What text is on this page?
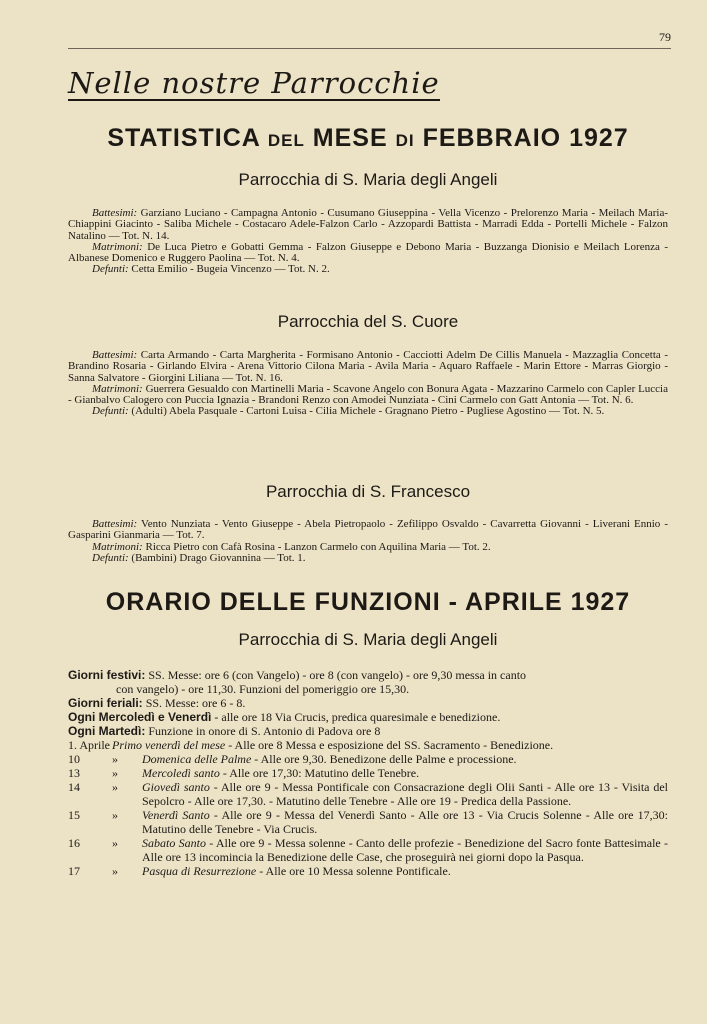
79
Nelle nostre Parrocchie
STATISTICA DEL MESE DI FEBBRAIO 1927
Parrocchia di S. Maria degli Angeli

Battesimi: Garziano Luciano - Campagna Antonio - Cusumano Giuseppina - Vella Vicenzo - Prelorenzo Maria - Meilach Maria-Chiappini Giacinto - Saliba Michele - Costacaro Adele-Falzon Carlo - Azzopardi Battista - Marradi Edda - Portelli Michele - Falzon Natalino — Tot. N. 14.

Matrimoni: De Luca Pietro e Gobatti Gemma - Falzon Giuseppe e Debono Maria - Buzzanga Dionisio e Meilach Lorenza - Albanese Domenico e Ruggero Paolina — Tot. N. 4.

Defunti: Cetta Emilio - Bugeia Vincenzo — Tot. N. 2.

Parrocchia del S. Cuore

Battesimi: Carta Armando - Carta Margherita - Formisano Antonio - Cacciotti Adelm De Cillis Manuela - Mazzaglia Concetta - Brandino Rosaria - Girlando Elvira - Arena Vittorio Cilona Maria - Avila Maria - Aquaro Raffaele - Marin Ettore - Marras Giorgio - Sanna Salvatore - Giorgini Liliana — Tot. N. 16.

Matrimoni: Guerrera Gesualdo con Martinelli Maria - Scavone Angelo con Bonura Agata - Mazzarino Carmelo con Capler Luccia - Gianbalvo Calogero con Puccia Ignazia - Brandoni Renzo con Amodei Nunziata - Cini Carmelo con Gatt Antonia — Tot. N. 6.

Defunti: (Adulti) Abela Pasquale - Cartoni Luisa - Cilia Michele - Gragnano Pietro - Pugliese Agostino — Tot. N. 5.

Parrocchia di S. Francesco

Battesimi: Vento Nunziata - Vento Giuseppe - Abela Pietropaolo - Zefilippo Osvaldo - Cavarretta Giovanni - Liverani Ennio - Gasparini Gianmaria — Tot. 7.

Matrimoni: Ricca Pietro con Cafà Rosina - Lanzon Carmelo con Aquilina Maria — Tot. 2.

Defunti: (Bambini) Drago Giovannina — Tot. 1.

ORARIO DELLE FUNZIONI - APRILE 1927
Parrocchia di S. Maria degli Angeli
Giorni festivi: SS. Messe: ore 6 (con Vangelo) - ore 8 (con vangelo) - ore 9,30 messa in canto
con vangelo) - ore 11,30. Funzioni del pomeriggio ore 15,30.
Giorni feriali: SS. Messe: ore 6 - 8.
Ogni Mercoledì e Venerdì - alle ore 18 Via Crucis, predica quaresimale e benedizione.
Ogni Martedì: Funzione in onore di S. Antonio di Padova ore 8
1. Aprile Primo venerdì del mese - Alle ore 8 Messa e esposizione del SS. Sacramento - Benedizione.
10	»	Domenica delle Palme - Alle ore 9,30. Benedizone delle Palme e processione.
13	»	Mercoledì santo - Alle ore 17,30: Matutino delle Tenebre.
14	»	Giovedì santo - Alle ore 9 - Messa Pontificale con Consacrazione degli Olii Santi - Alle ore 13 - Visita del Sepolcro - Alle ore 17,30. - Matutino delle Tenebre - Alle ore 19 - Predica della Passione.
15	»	Venerdì Santo - Alle ore 9 - Messa del Venerdì Santo - Alle ore 13 - Via Crucis Solenne - Alle ore 17,30: Matutino delle Tenebre - Via Crucis.
16	»	Sabato Santo - Alle ore 9 - Messa solenne - Canto delle profezie - Benedizione del Sacro fonte Battesimale - Alle ore 13 incomincia la Benedizione delle Case, che proseguirà nei giorni dopo la Pasqua.
17	»	Pasqua di Resurrezione - Alle ore 10 Messa solenne Pontificale.
